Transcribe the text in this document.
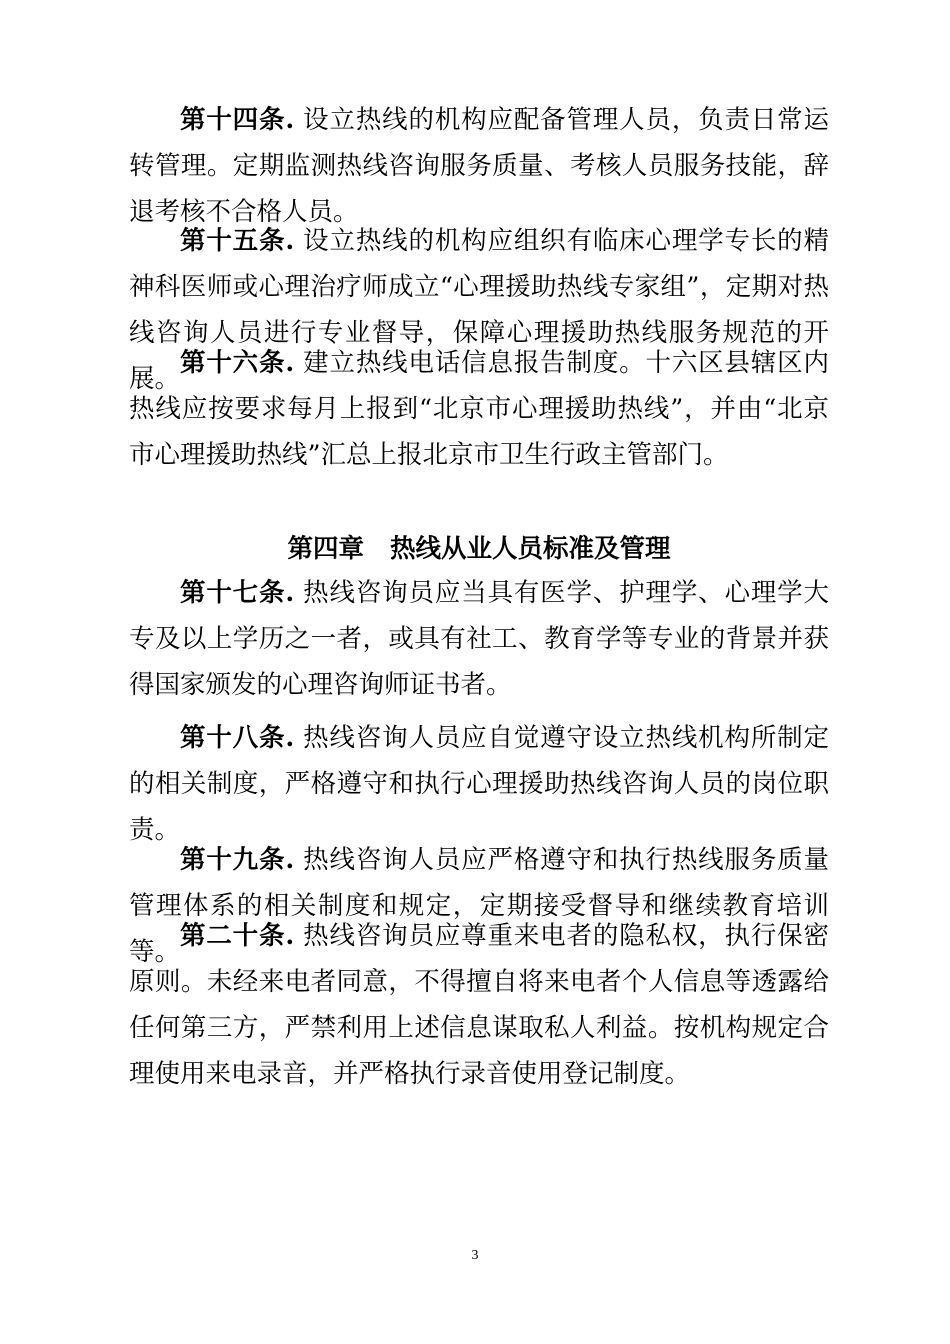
第十四条. 设立热线的机构应配备管理人员，负责日常运转管理。定期监测热线咨询服务质量、考核人员服务技能，辞退考核不合格人员。

第十五条. 设立热线的机构应组织有临床心理学专长的精神科医师或心理治疗师成立“心理援助热线专家组”，定期对热线咨询人员进行专业督导，保障心理援助热线服务规范的开展。

第十六条. 建立热线电话信息报告制度。十六区县辖区内热线应按要求每月上报到“北京市心理援助热线”，并由“北京市心理援助热线”汇总上报北京市卫生行政主管部门。

第四章 热线从业人员标准及管理

第十七条. 热线咨询员应当具有医学、护理学、心理学大专及以上学历之一者，或具有社工、教育学等专业的背景并获得国家颁发的心理咨询师证书者。

第十八条. 热线咨询人员应自觉遵守设立热线机构所制定的相关制度，严格遵守和执行心理援助热线咨询人员的岗位职责。

第十九条. 热线咨询人员应严格遵守和执行热线服务质量管理体系的相关制度和规定，定期接受督导和继续教育培训等。

第二十条. 热线咨询员应尊重来电者的隐私权，执行保密原则。未经来电者同意，不得擅自将来电者个人信息等透露给任何第三方，严禁利用上述信息谋取私人利益。按机构规定合理使用来电录音，并严格执行录音使用登记制度。

3
